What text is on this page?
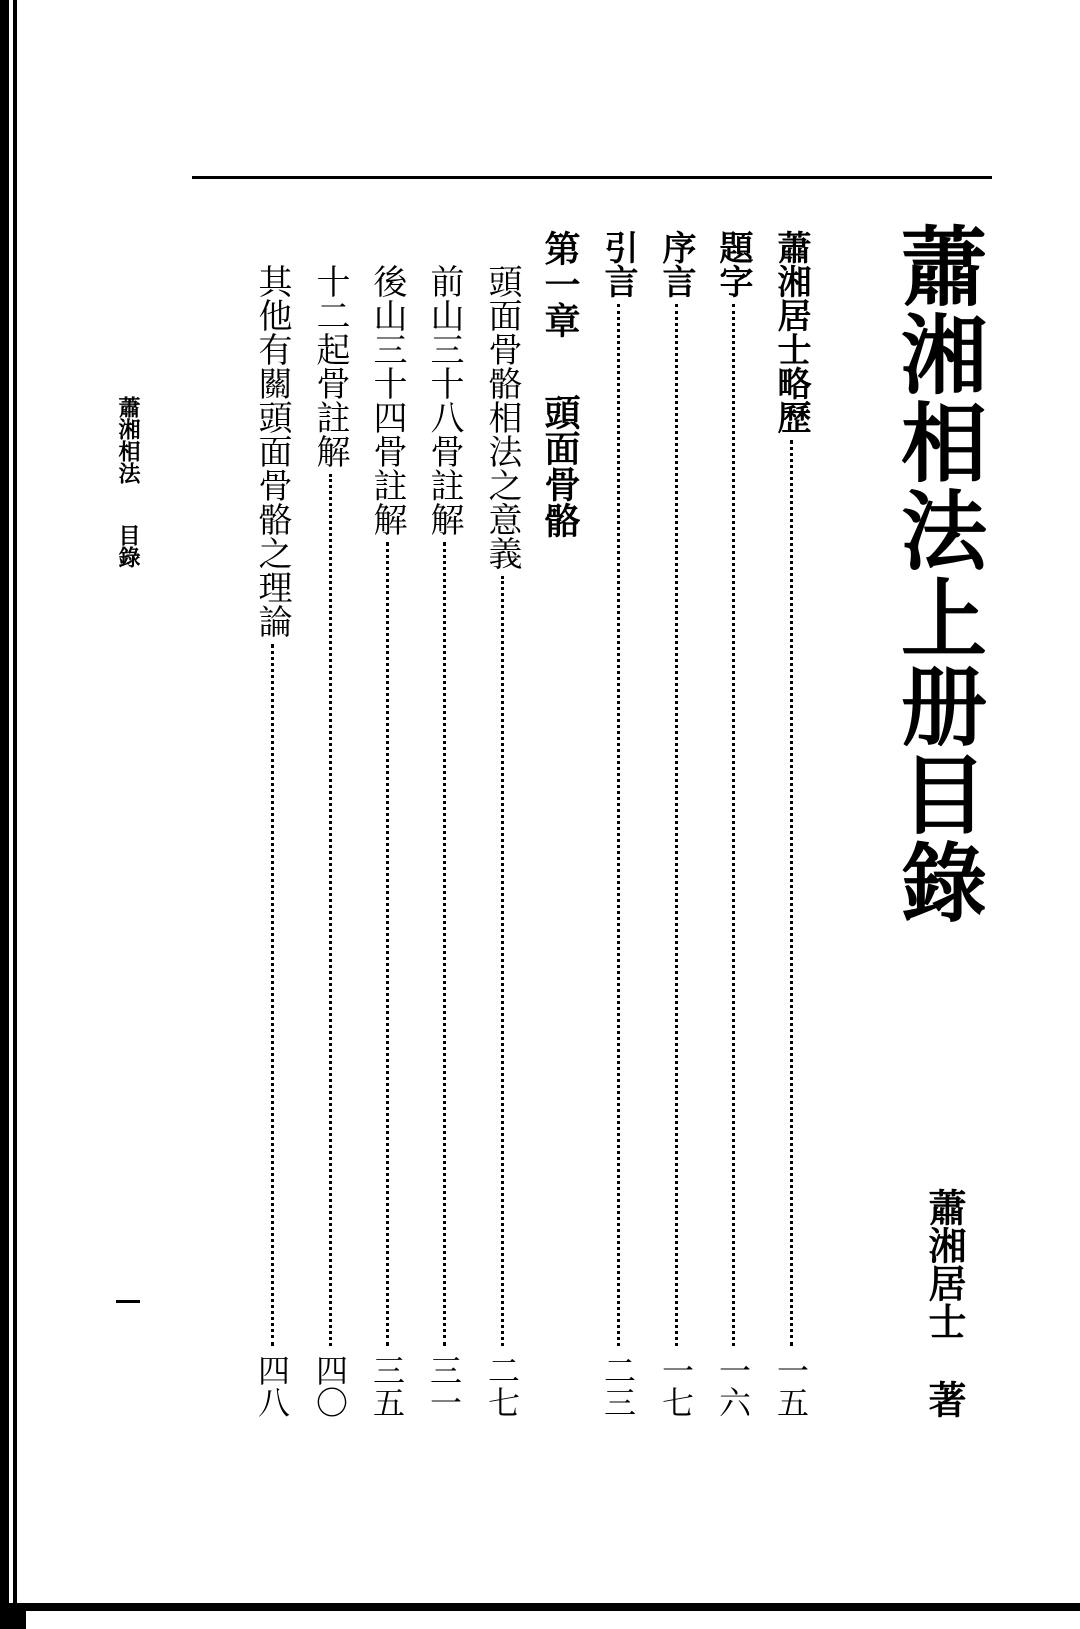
蕭湘相法上册目錄
蕭湘居士著
蕭湘居士略歷
一五
題字
一六
序言
一七
引言
二三
第一章
頭面骨骼
頭面骨骼相法之意義
二七
前山三十八骨註解
三一
後山三十四骨註解
三五
十二起骨註解
四〇
其他有關頭面骨骼之理論
四八
蕭湘相法目錄
